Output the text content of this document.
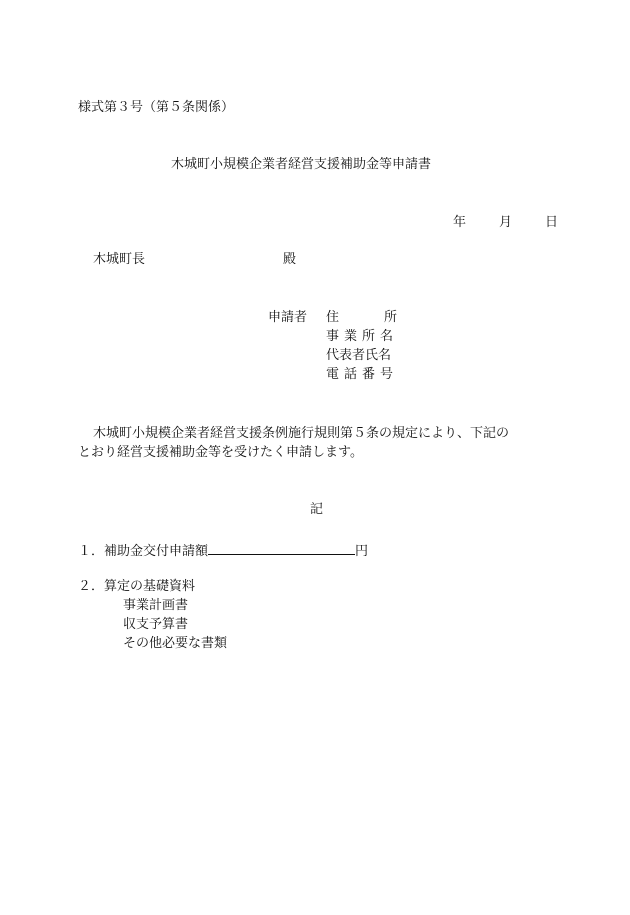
様式第３号（第５条関係）
木城町小規模企業者経営支援補助金等申請書
年	月	日
木城町長	殿
申請者 住	所
事業所名
代表者氏名
電話番号
木城町小規模企業者経営支援条例施行規則第５条の規定により、下記の
とおり経営支援補助金等を受けたく申請します。
記
１．補助金交付申請額	円
２．算定の基礎資料
事業計画書
収支予算書
その他必要な書類
